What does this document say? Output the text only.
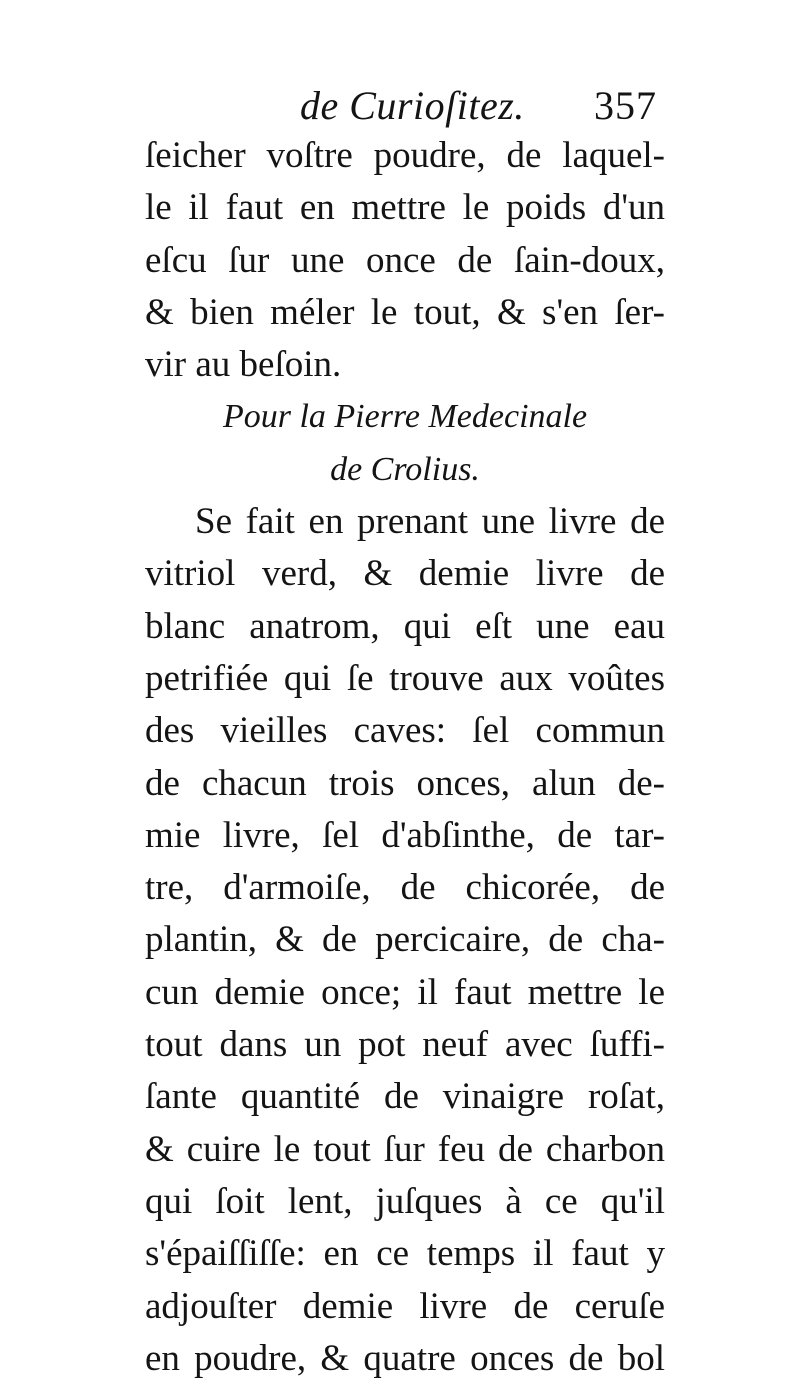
de Curioſitez. 357
ſeicher voſtre poudre, de laquel-
le il faut en mettre le poids d'un
eſcu ſur une once de ſain-doux,
& bien méler le tout, & s'en ſer-
vir au beſoin.
Pour la Pierre Medecinale
de Crolius.
Se fait en prenant une livre de
vitriol verd, & demie livre de
blanc anatrom, qui eſt une eau
petrifiée qui ſe trouve aux voûtes
des vieilles caves: ſel commun
de chacun trois onces, alun de-
mie livre, ſel d'abſinthe, de tar-
tre, d'armoiſe, de chicorée, de
plantin, & de percicaire, de cha-
cun demie once; il faut mettre le
tout dans un pot neuf avec ſuffi-
ſante quantité de vinaigre roſat,
& cuire le tout ſur feu de charbon
qui ſoit lent, juſques à ce qu'il
s'épaiſſiſſe: en ce temps il faut y
adjouſter demie livre de ceruſe
en poudre, & quatre onces de bol
